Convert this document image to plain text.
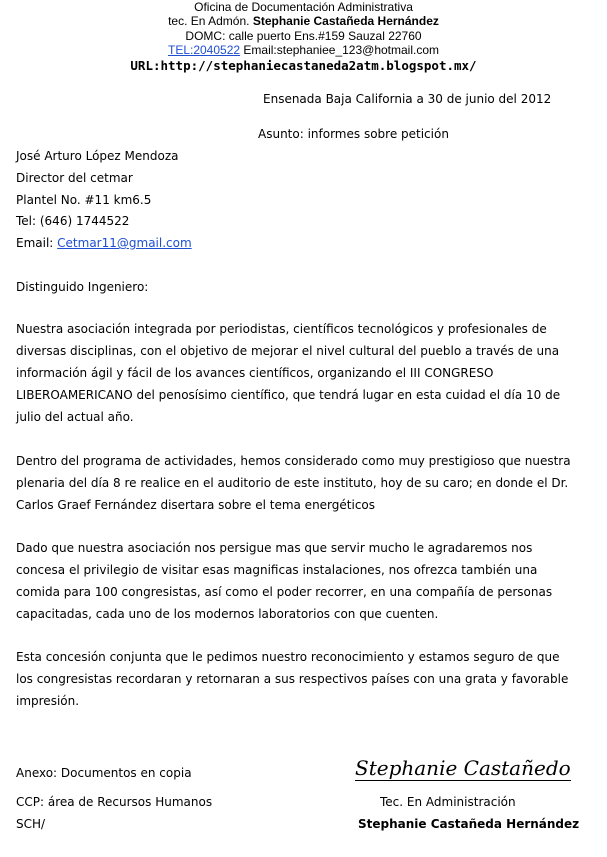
Oficina de Documentación Administrativa
tec. En Admón. Stephanie Castañeda Hernández
DOMC: calle puerto Ens.#159 Sauzal 22760
TEL:2040522 Email:stephaniee_123@hotmail.com
URL:http://stephaniecastaneda2atm.blogspot.mx/
Ensenada Baja California a 30 de junio del 2012
Asunto: informes sobre petición
José Arturo López Mendoza
Director del cetmar
Plantel No. #11 km6.5
Tel: (646) 1744522
Email: Cetmar11@gmail.com
Distinguido Ingeniero:
Nuestra asociación integrada por periodistas, científicos tecnológicos y profesionales de diversas disciplinas, con el objetivo de mejorar el nivel cultural del pueblo a través de una información ágil y fácil de los avances científicos, organizando el III CONGRESO LIBEROAMERICANO del penosísimo científico, que tendrá lugar en esta cuidad el día 10 de julio del actual año.
Dentro del programa de actividades, hemos considerado como muy prestigioso que nuestra plenaria del día 8 re realice en el auditorio de este instituto, hoy de su caro; en donde el Dr. Carlos Graef Fernández disertara sobre el tema energéticos
Dado que nuestra asociación nos persigue mas que servir mucho le agradaremos nos concesa el privilegio de visitar esas magnificas instalaciones, nos ofrezca también una comida para 100 congresistas, así como el poder recorrer, en una compañía de personas capacitadas, cada uno de los modernos laboratorios con que cuenten.
Esta concesión conjunta que le pedimos nuestro reconocimiento y estamos seguro de que los congresistas recordaran y retornaran a sus respectivos países con una grata y favorable impresión.
Anexo: Documentos en copia
CCP: área de Recursos Humanos
SCH/
Stephanie Castañedo
Tec. En Administración
Stephanie Castañeda Hernández
